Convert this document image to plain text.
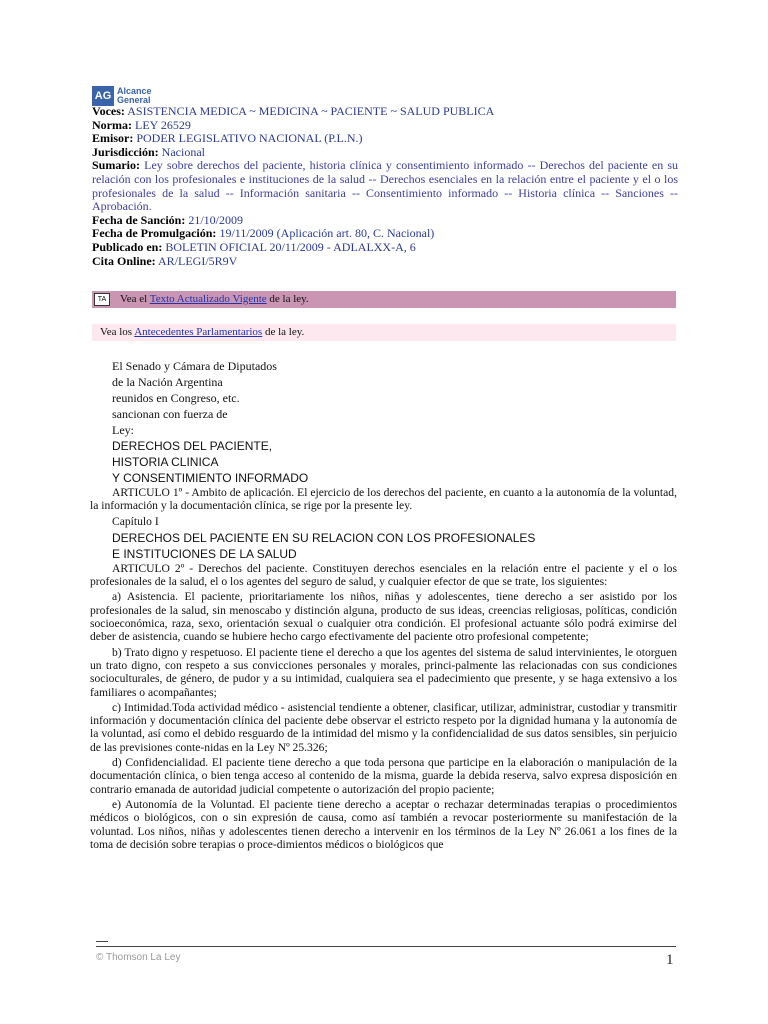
AG Alcance
General
Voces: ASISTENCIA MEDICA ~ MEDICINA ~ PACIENTE ~ SALUD PUBLICA
Norma: LEY 26529
Emisor: PODER LEGISLATIVO NACIONAL (P.L.N.)
Jurisdicción: Nacional
Sumario: Ley sobre derechos del paciente, historia clínica y consentimiento informado -- Derechos del paciente en su relación con los profesionales e instituciones de la salud -- Derechos esenciales en la relación entre el paciente y el o los profesionales de la salud -- Información sanitaria -- Consentimiento informado -- Historia clínica -- Sanciones -- Aprobación.
Fecha de Sanción: 21/10/2009
Fecha de Promulgación: 19/11/2009 (Aplicación art. 80, C. Nacional)
Publicado en: BOLETIN OFICIAL 20/11/2009 - ADLALXX-A, 6
Cita Online: AR/LEGI/5R9V
TA	Vea el Texto Actualizado Vigente de la ley.
Vea los Antecedentes Parlamentarios de la ley.
El Senado y Cámara de Diputados
de la Nación Argentina
reunidos en Congreso, etc.
sancionan con fuerza de
Ley:
DERECHOS DEL PACIENTE,
HISTORIA CLINICA
Y CONSENTIMIENTO INFORMADO

ARTICULO 1º - Ambito de aplicación. El ejercicio de los derechos del paciente, en cuanto a la autonomía de la voluntad, la información y la documentación clínica, se rige por la presente ley.

Capítulo I
DERECHOS DEL PACIENTE EN SU RELACION CON LOS PROFESIONALES
E INSTITUCIONES DE LA SALUD

ARTICULO 2º - Derechos del paciente. Constituyen derechos esenciales en la relación entre el paciente y el o los profesionales de la salud, el o los agentes del seguro de salud, y cualquier efector de que se trate, los siguientes:

a) Asistencia. El paciente, prioritariamente los niños, niñas y adolescentes, tiene derecho a ser asistido por los profesionales de la salud, sin menoscabo y distinción alguna, producto de sus ideas, creencias religiosas, políticas, condición socioeconómica, raza, sexo, orientación sexual o cualquier otra condición. El profesional actuante sólo podrá eximirse del deber de asistencia, cuando se hubiere hecho cargo efectivamente del paciente otro profesional competente;

b) Trato digno y respetuoso. El paciente tiene el derecho a que los agentes del sistema de salud intervinientes, le otorguen un trato digno, con respeto a sus convicciones personales y morales, princi-palmente las relacionadas con sus condiciones socioculturales, de género, de pudor y a su intimidad, cualquiera sea el padecimiento que presente, y se haga extensivo a los familiares o acompañantes;

c) Intimidad.Toda actividad médico - asistencial tendiente a obtener, clasificar, utilizar, administrar, custodiar y transmitir información y documentación clínica del paciente debe observar el estricto respeto por la dignidad humana y la autonomía de la voluntad, así como el debido resguardo de la intimidad del mismo y la confidencialidad de sus datos sensibles, sin perjuicio de las previsiones conte-nidas en la Ley Nº 25.326;

d) Confidencialidad. El paciente tiene derecho a que toda persona que participe en la elaboración o manipulación de la documentación clínica, o bien tenga acceso al contenido de la misma, guarde la debida reserva, salvo expresa disposición en contrario emanada de autoridad judicial competente o autorización del propio paciente;

e) Autonomía de la Voluntad. El paciente tiene derecho a aceptar o rechazar determinadas terapias o procedimientos médicos o biológicos, con o sin expresión de causa, como así también a revocar posteriormente su manifestación de la voluntad. Los niños, niñas y adolescentes tienen derecho a intervenir en los términos de la Ley Nº 26.061 a los fines de la toma de decisión sobre terapias o proce-dimientos médicos o biológicos que

© Thomson La Ley	1
